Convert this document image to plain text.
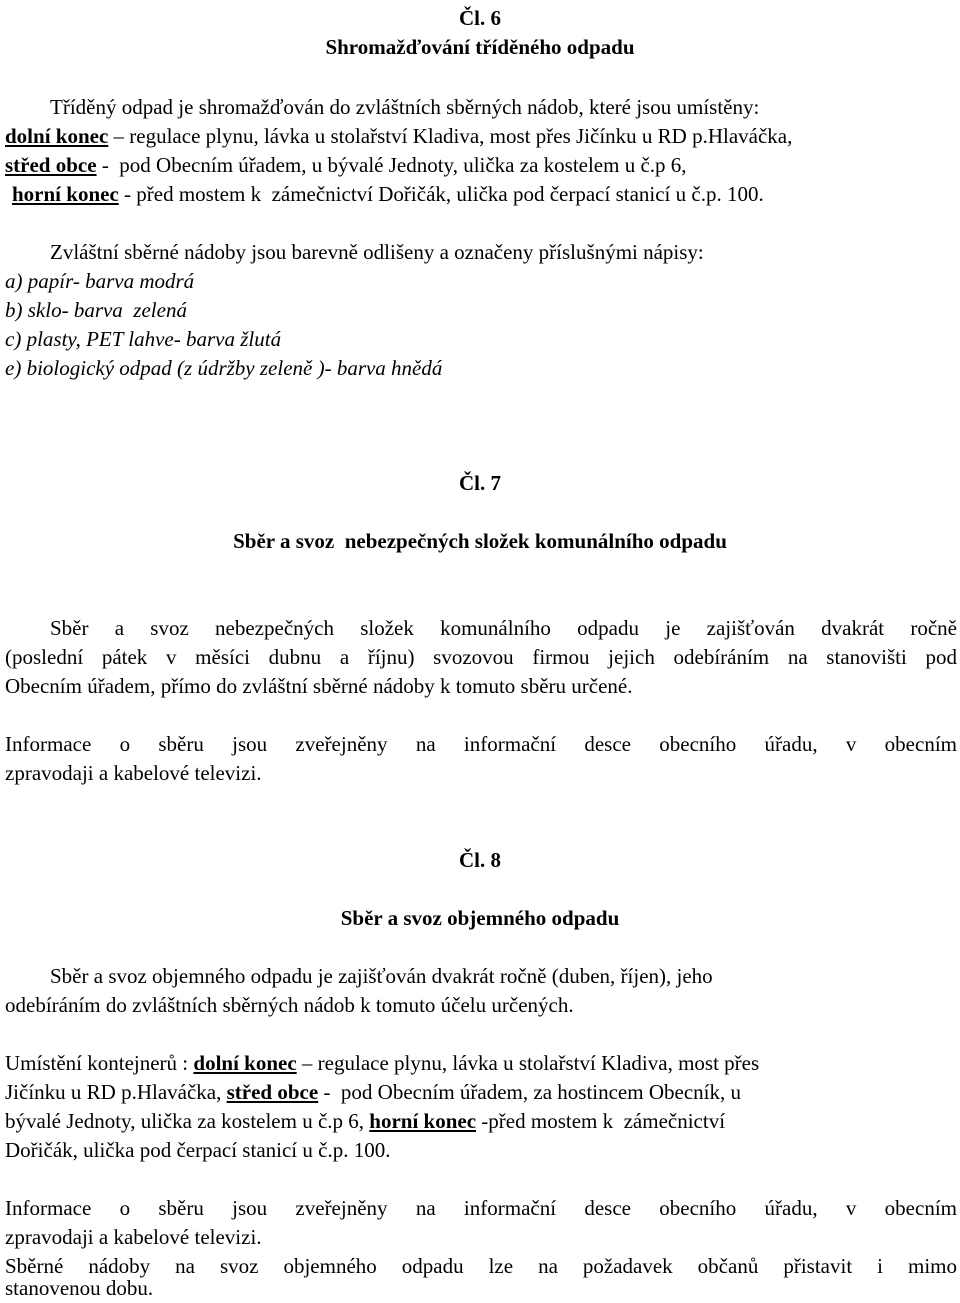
Čl. 6
Shromažďování tříděného odpadu
Tříděný odpad je shromažďován do zvláštních sběrných nádob, které jsou umístěny:
dolní konec – regulace plynu, lávka u stolařství Kladiva, most přes Jičínku u RD p.Hlaváčka,
střed obce -  pod Obecním úřadem, u bývalé Jednoty, ulička za kostelem u č.p 6,
horní konec - před mostem k  zámečnictví Dořičák, ulička pod čerpací stanicí u č.p. 100.
Zvláštní sběrné nádoby jsou barevně odlišeny a označeny příslušnými nápisy:
a) papír- barva modrá
b) sklo- barva  zelená
c) plasty, PET lahve- barva žlutá
e) biologický odpad (z údržby zeleně )- barva hnědá
Čl. 7
Sběr a svoz  nebezpečných složek komunálního odpadu
Sběr a svoz nebezpečných složek komunálního odpadu je zajišťován dvakrát ročně
(poslední pátek v měsíci dubnu a říjnu) svozovou firmou jejich odebíráním na stanovišti pod
Obecním úřadem, přímo do zvláštní sběrné nádoby k tomuto sběru určené.
Informace o sběru jsou zveřejněny na informační desce obecního úřadu, v obecním
zpravodaji a kabelové televizi.
Čl. 8
Sběr a svoz objemného odpadu
Sběr a svoz objemného odpadu je zajišťován dvakrát ročně (duben, říjen), jeho
odebíráním do zvláštních sběrných nádob k tomuto účelu určených.
Umístění kontejnerů : dolní konec – regulace plynu, lávka u stolařství Kladiva, most přes
Jičínku u RD p.Hlaváčka, střed obce -  pod Obecním úřadem, za hostincem Obecník, u
bývalé Jednoty, ulička za kostelem u č.p 6, horní konec -před mostem k  zámečnictví
Dořičák, ulička pod čerpací stanicí u č.p. 100.
Informace o sběru jsou zveřejněny na informační desce obecního úřadu, v obecním
zpravodaji a kabelové televizi.
Sběrné nádoby na svoz objemného odpadu lze na požadavek občanů přistavit i mimo
stanovenou dobu.
